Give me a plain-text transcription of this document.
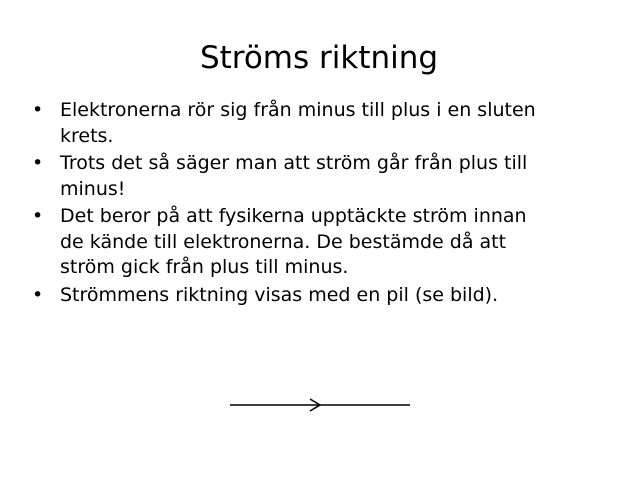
Ströms riktning
• Elektronerna rör sig från minus till plus i en sluten
krets.
• Trots det så säger man att ström går från plus till
minus!
• Det beror på att fysikerna upptäckte ström innan
de kände till elektronerna. De bestämde då att
ström gick från plus till minus.
• Strömmens riktning visas med en pil (se bild).
